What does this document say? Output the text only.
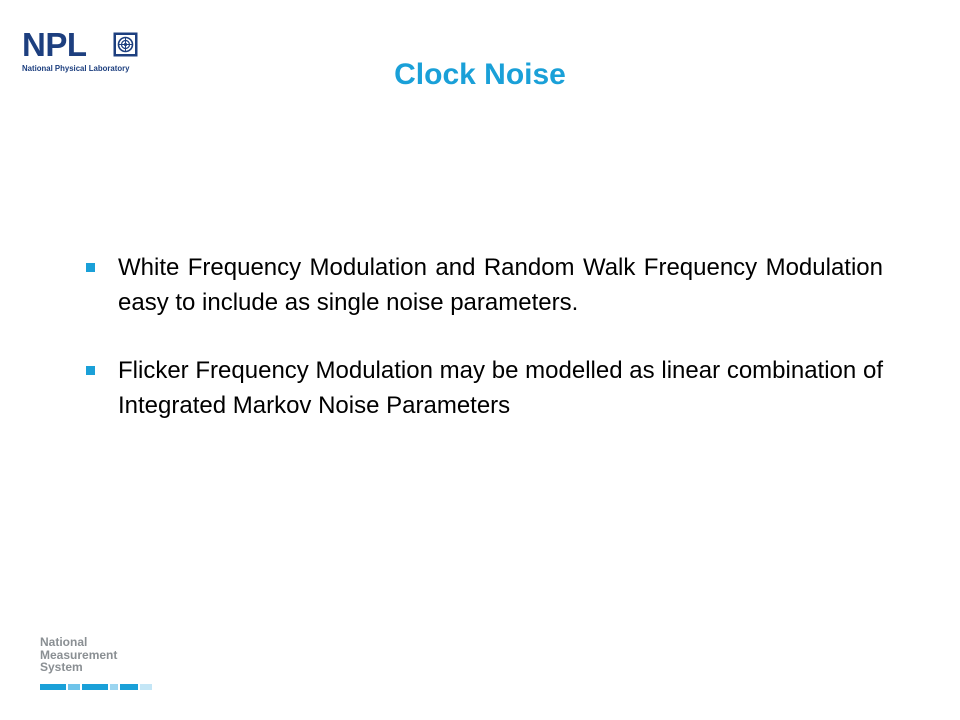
NPL
National Physical Laboratory	Clock Noise
White Frequency Modulation and Random Walk Frequency Modulation easy to include as single noise parameters.
Flicker Frequency Modulation may be modelled as linear combination of Integrated Markov Noise Parameters
National
Measurement
System
